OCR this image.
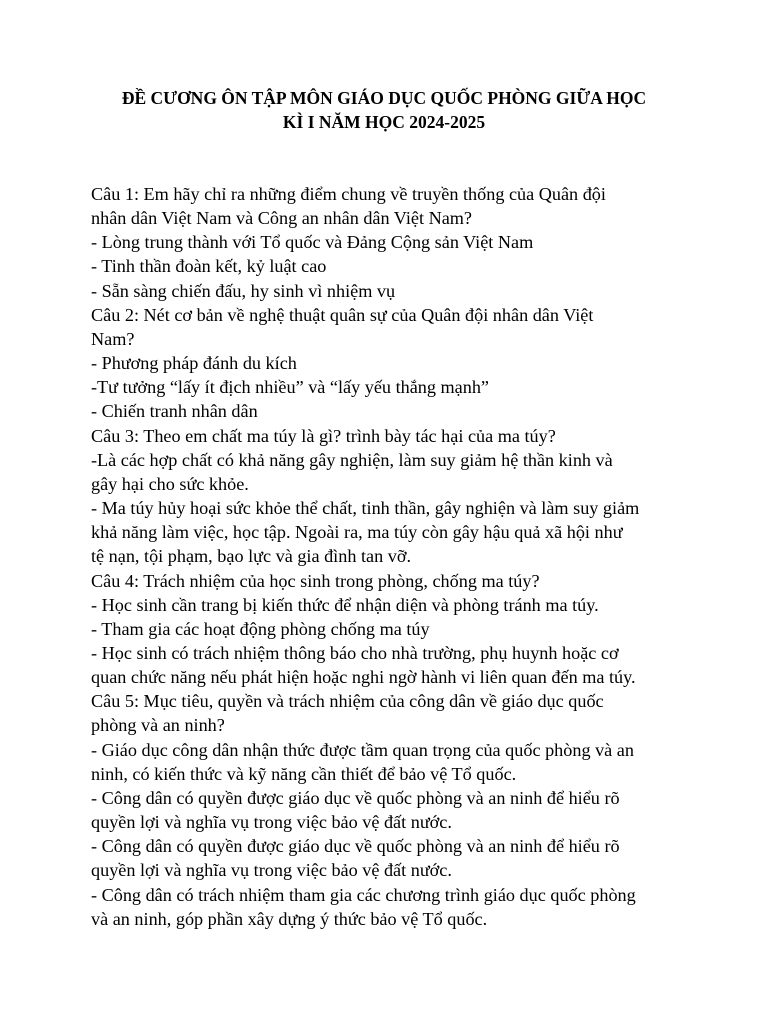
ĐỀ CƯƠNG ÔN TẬP MÔN GIÁO DỤC QUỐC PHÒNG GIỮA HỌC
KÌ I NĂM HỌC 2024-2025
Câu 1: Em hãy chỉ ra những điểm chung về truyền thống của Quân đội
nhân dân Việt Nam và Công an nhân dân Việt Nam?
- Lòng trung thành với Tổ quốc và Đảng Cộng sản Việt Nam
- Tinh thần đoàn kết, kỷ luật cao
- Sẵn sàng chiến đấu, hy sinh vì nhiệm vụ
Câu 2: Nét cơ bản về nghệ thuật quân sự của Quân đội nhân dân Việt
Nam?
- Phương pháp đánh du kích
-Tư tưởng “lấy ít địch nhiều” và “lấy yếu thắng mạnh”
- Chiến tranh nhân dân
Câu 3: Theo em chất ma túy là gì? trình bày tác hại của ma túy?
-Là các hợp chất có khả năng gây nghiện, làm suy giảm hệ thần kinh và
gây hại cho sức khỏe.
- Ma túy hủy hoại sức khỏe thể chất, tinh thần, gây nghiện và làm suy giảm
khả năng làm việc, học tập. Ngoài ra, ma túy còn gây hậu quả xã hội như
tệ nạn, tội phạm, bạo lực và gia đình tan vỡ.
Câu 4: Trách nhiệm của học sinh trong phòng, chống ma túy?
- Học sinh cần trang bị kiến thức để nhận diện và phòng tránh ma túy.
- Tham gia các hoạt động phòng chống ma túy
- Học sinh có trách nhiệm thông báo cho nhà trường, phụ huynh hoặc cơ
quan chức năng nếu phát hiện hoặc nghi ngờ hành vi liên quan đến ma túy.
Câu 5: Mục tiêu, quyền và trách nhiệm của công dân về giáo dục quốc
phòng và an ninh?
- Giáo dục công dân nhận thức được tầm quan trọng của quốc phòng và an
ninh, có kiến thức và kỹ năng cần thiết để bảo vệ Tổ quốc.
- Công dân có quyền được giáo dục về quốc phòng và an ninh để hiểu rõ
quyền lợi và nghĩa vụ trong việc bảo vệ đất nước.
- Công dân có quyền được giáo dục về quốc phòng và an ninh để hiểu rõ
quyền lợi và nghĩa vụ trong việc bảo vệ đất nước.
- Công dân có trách nhiệm tham gia các chương trình giáo dục quốc phòng
và an ninh, góp phần xây dựng ý thức bảo vệ Tổ quốc.
